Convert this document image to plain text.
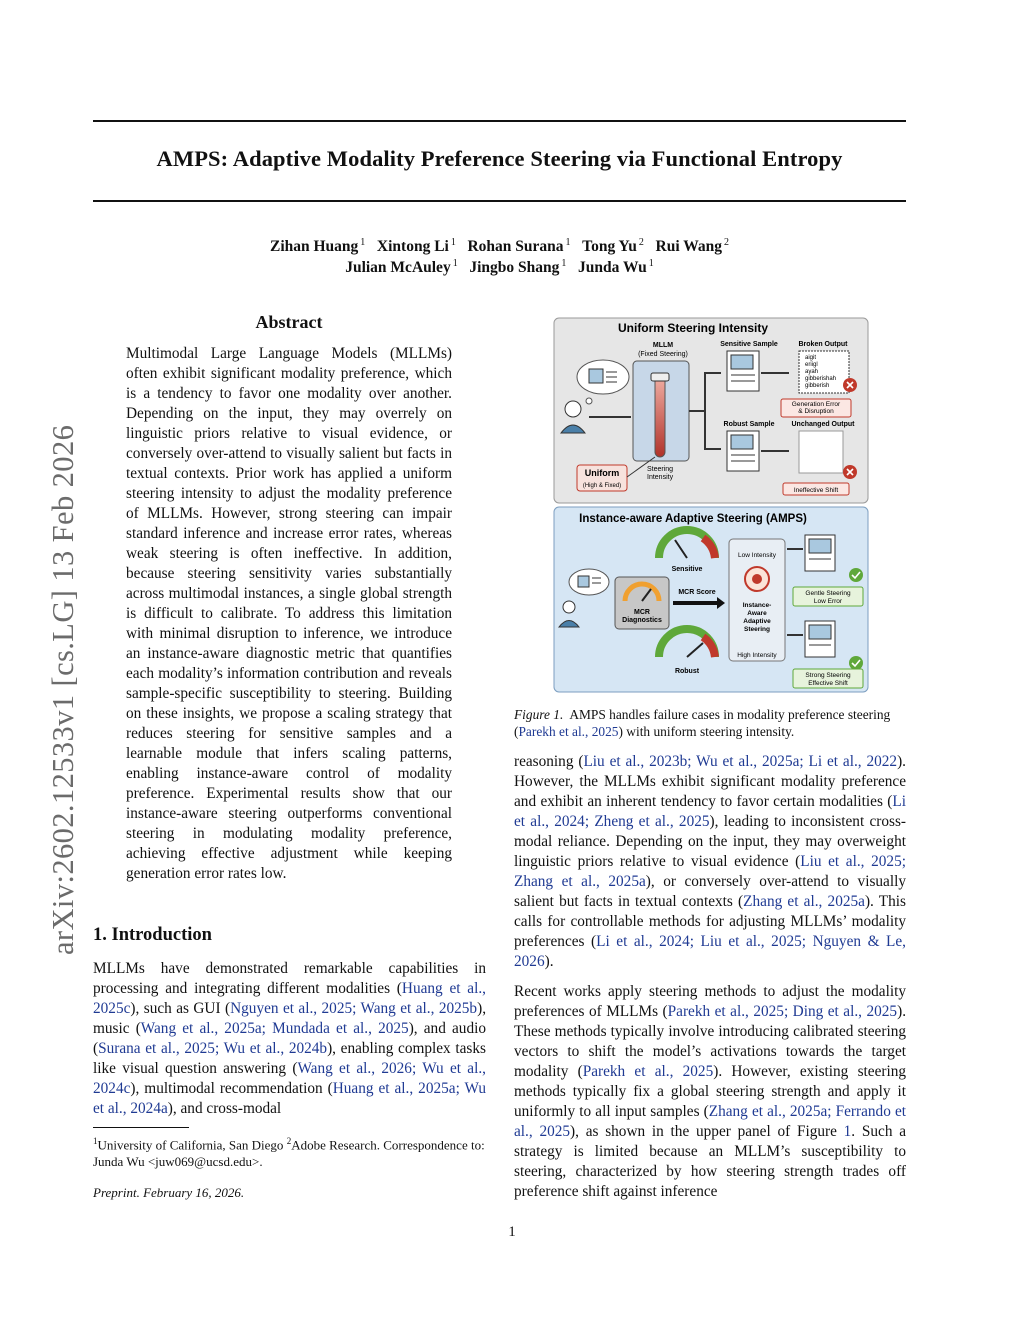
AMPS: Adaptive Modality Preference Steering via Functional Entropy
Zihan Huang $^1$ Xintong Li $^1$ Rohan Surana $^1$ Tong Yu $^2$ Rui Wang $^2$
Julian McAuley $^1$ Jingbo Shang $^1$ Junda Wu $^1$
arXiv:2602.12533v1 [cs.LG] 13 Feb 2026
Abstract
Multimodal Large Language Models (MLLMs) often exhibit significant modality preference, which is a tendency to favor one modality over another. Depending on the input, they may overrely on linguistic priors relative to visual evidence, or conversely over-attend to visually salient but facts in textual contexts. Prior work has applied a uniform steering intensity to adjust the modality preference of MLLMs. However, strong steering can impair standard inference and increase error rates, whereas weak steering is often ineffective. In addition, because steering sensitivity varies substantially across multimodal instances, a single global strength is difficult to calibrate. To address this limitation with minimal disruption to inference, we introduce an instance-aware diagnostic metric that quantifies each modality’s information contribution and reveals sample-specific susceptibility to steering. Building on these insights, we propose a scaling strategy that reduces steering for sensitive samples and a learnable module that infers scaling patterns, enabling instance-aware control of modality preference. Experimental results show that our instance-aware steering outperforms conventional steering in modulating modality preference, achieving effective adjustment while keeping generation error rates low.
1. Introduction
MLLMs have demonstrated remarkable capabilities in processing and integrating different modalities (Huang et al., 2025c), such as GUI (Nguyen et al., 2025; Wang et al., 2025b), music (Wang et al., 2025a; Mundada et al., 2025), and audio (Surana et al., 2025; Wu et al., 2024b), enabling complex tasks like visual question answering (Wang et al., 2026; Wu et al., 2024c), multimodal recommendation (Huang et al., 2025a; Wu et al., 2024a), and cross-modal
$^1$University of California, San Diego $^2$Adobe Research. Correspondence to: Junda Wu <juw069@ucsd.edu>.
Preprint. February 16, 2026.
1
Uniform Steering Intensity
MLLM
(Fixed Steering)
Uniform
(High & Fixed)
Steering Intensity
Sensitive Sample	Broken Output
aigit eriigl ayah gibberishah gibberish
Generation Error & Disruption
Robust Sample Unchanged Output
Ineffective Shift
Instance-aware Adaptive Steering (AMPS)
Sensitive
MCR Diagnostics
MCR Score
Robust
Low Intensity
Instance-Aware Adaptive Steering
High Intensity
Gentle Steering Low Error
Strong Steering Effective Shift
Figure 1. AMPS handles failure cases in modality preference steering (Parekh et al., 2025) with uniform steering intensity.

reasoning (Liu et al., 2023b; Wu et al., 2025a; Li et al., 2022). However, the MLLMs exhibit significant modality preference and exhibit an inherent tendency to favor certain modalities (Li et al., 2024; Zheng et al., 2025), leading to inconsistent cross-modal reliance. Depending on the input, they may overweight linguistic priors relative to visual evidence (Liu et al., 2025; Zhang et al., 2025a), or conversely over-attend to visually salient but facts in textual contexts (Zhang et al., 2025a). This calls for controllable methods for adjusting MLLMs’ modality preferences (Li et al., 2024; Liu et al., 2025; Nguyen & Le, 2026).

Recent works apply steering methods to adjust the modality preferences of MLLMs (Parekh et al., 2025; Ding et al., 2025). These methods typically involve introducing calibrated steering vectors to shift the model’s activations towards the target modality (Parekh et al., 2025). However, existing steering methods typically fix a global steering strength and apply it uniformly to all input samples (Zhang et al., 2025a; Ferrando et al., 2025), as shown in the upper panel of Figure 1. Such a strategy is limited because an MLLM’s susceptibility to steering, characterized by how steering strength trades off preference shift against inference
